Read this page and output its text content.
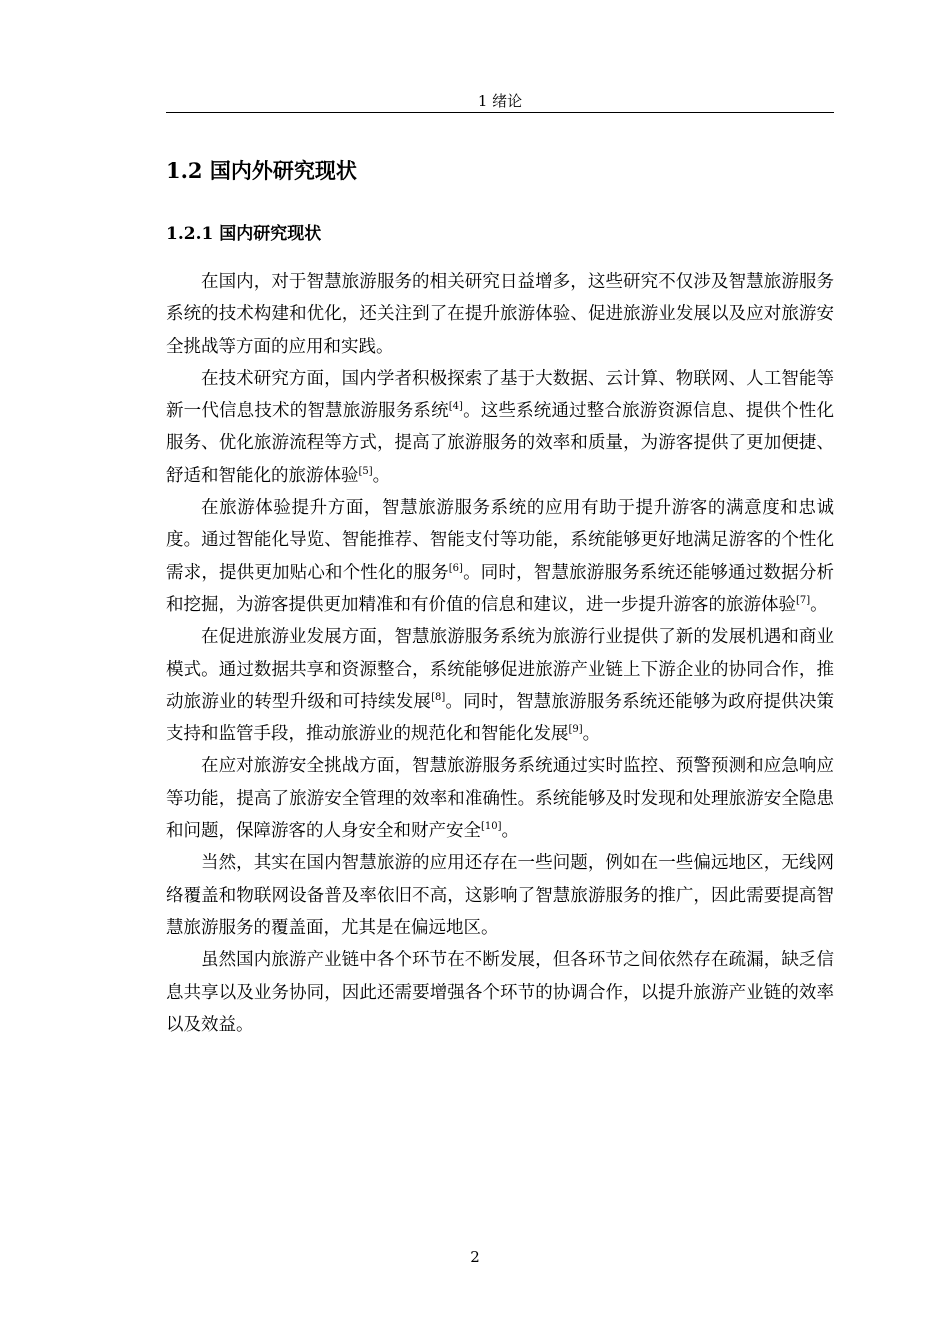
1 绪论
1.2 国内外研究现状
1.2.1 国内研究现状

在国内，对于智慧旅游服务的相关研究日益增多，这些研究不仅涉及智慧旅游服务系统的技术构建和优化，还关注到了在提升旅游体验、促进旅游业发展以及应对旅游安全挑战等方面的应用和实践。

在技术研究方面，国内学者积极探索了基于大数据、云计算、物联网、人工智能等新一代信息技术的智慧旅游服务系统[4]。这些系统通过整合旅游资源信息、提供个性化服务、优化旅游流程等方式，提高了旅游服务的效率和质量，为游客提供了更加便捷、舒适和智能化的旅游体验[5]。

在旅游体验提升方面，智慧旅游服务系统的应用有助于提升游客的满意度和忠诚度。通过智能化导览、智能推荐、智能支付等功能，系统能够更好地满足游客的个性化需求，提供更加贴心和个性化的服务[6]。同时，智慧旅游服务系统还能够通过数据分析和挖掘，为游客提供更加精准和有价值的信息和建议，进一步提升游客的旅游体验[7]。

在促进旅游业发展方面，智慧旅游服务系统为旅游行业提供了新的发展机遇和商业模式。通过数据共享和资源整合，系统能够促进旅游产业链上下游企业的协同合作，推动旅游业的转型升级和可持续发展[8]。同时，智慧旅游服务系统还能够为政府提供决策支持和监管手段，推动旅游业的规范化和智能化发展[9]。

在应对旅游安全挑战方面，智慧旅游服务系统通过实时监控、预警预测和应急响应等功能，提高了旅游安全管理的效率和准确性。系统能够及时发现和处理旅游安全隐患和问题，保障游客的人身安全和财产安全[10]。

当然，其实在国内智慧旅游的应用还存在一些问题，例如在一些偏远地区，无线网络覆盖和物联网设备普及率依旧不高，这影响了智慧旅游服务的推广，因此需要提高智慧旅游服务的覆盖面，尤其是在偏远地区。

虽然国内旅游产业链中各个环节在不断发展，但各环节之间依然存在疏漏，缺乏信息共享以及业务协同，因此还需要增强各个环节的协调合作，以提升旅游产业链的效率以及效益。

2
